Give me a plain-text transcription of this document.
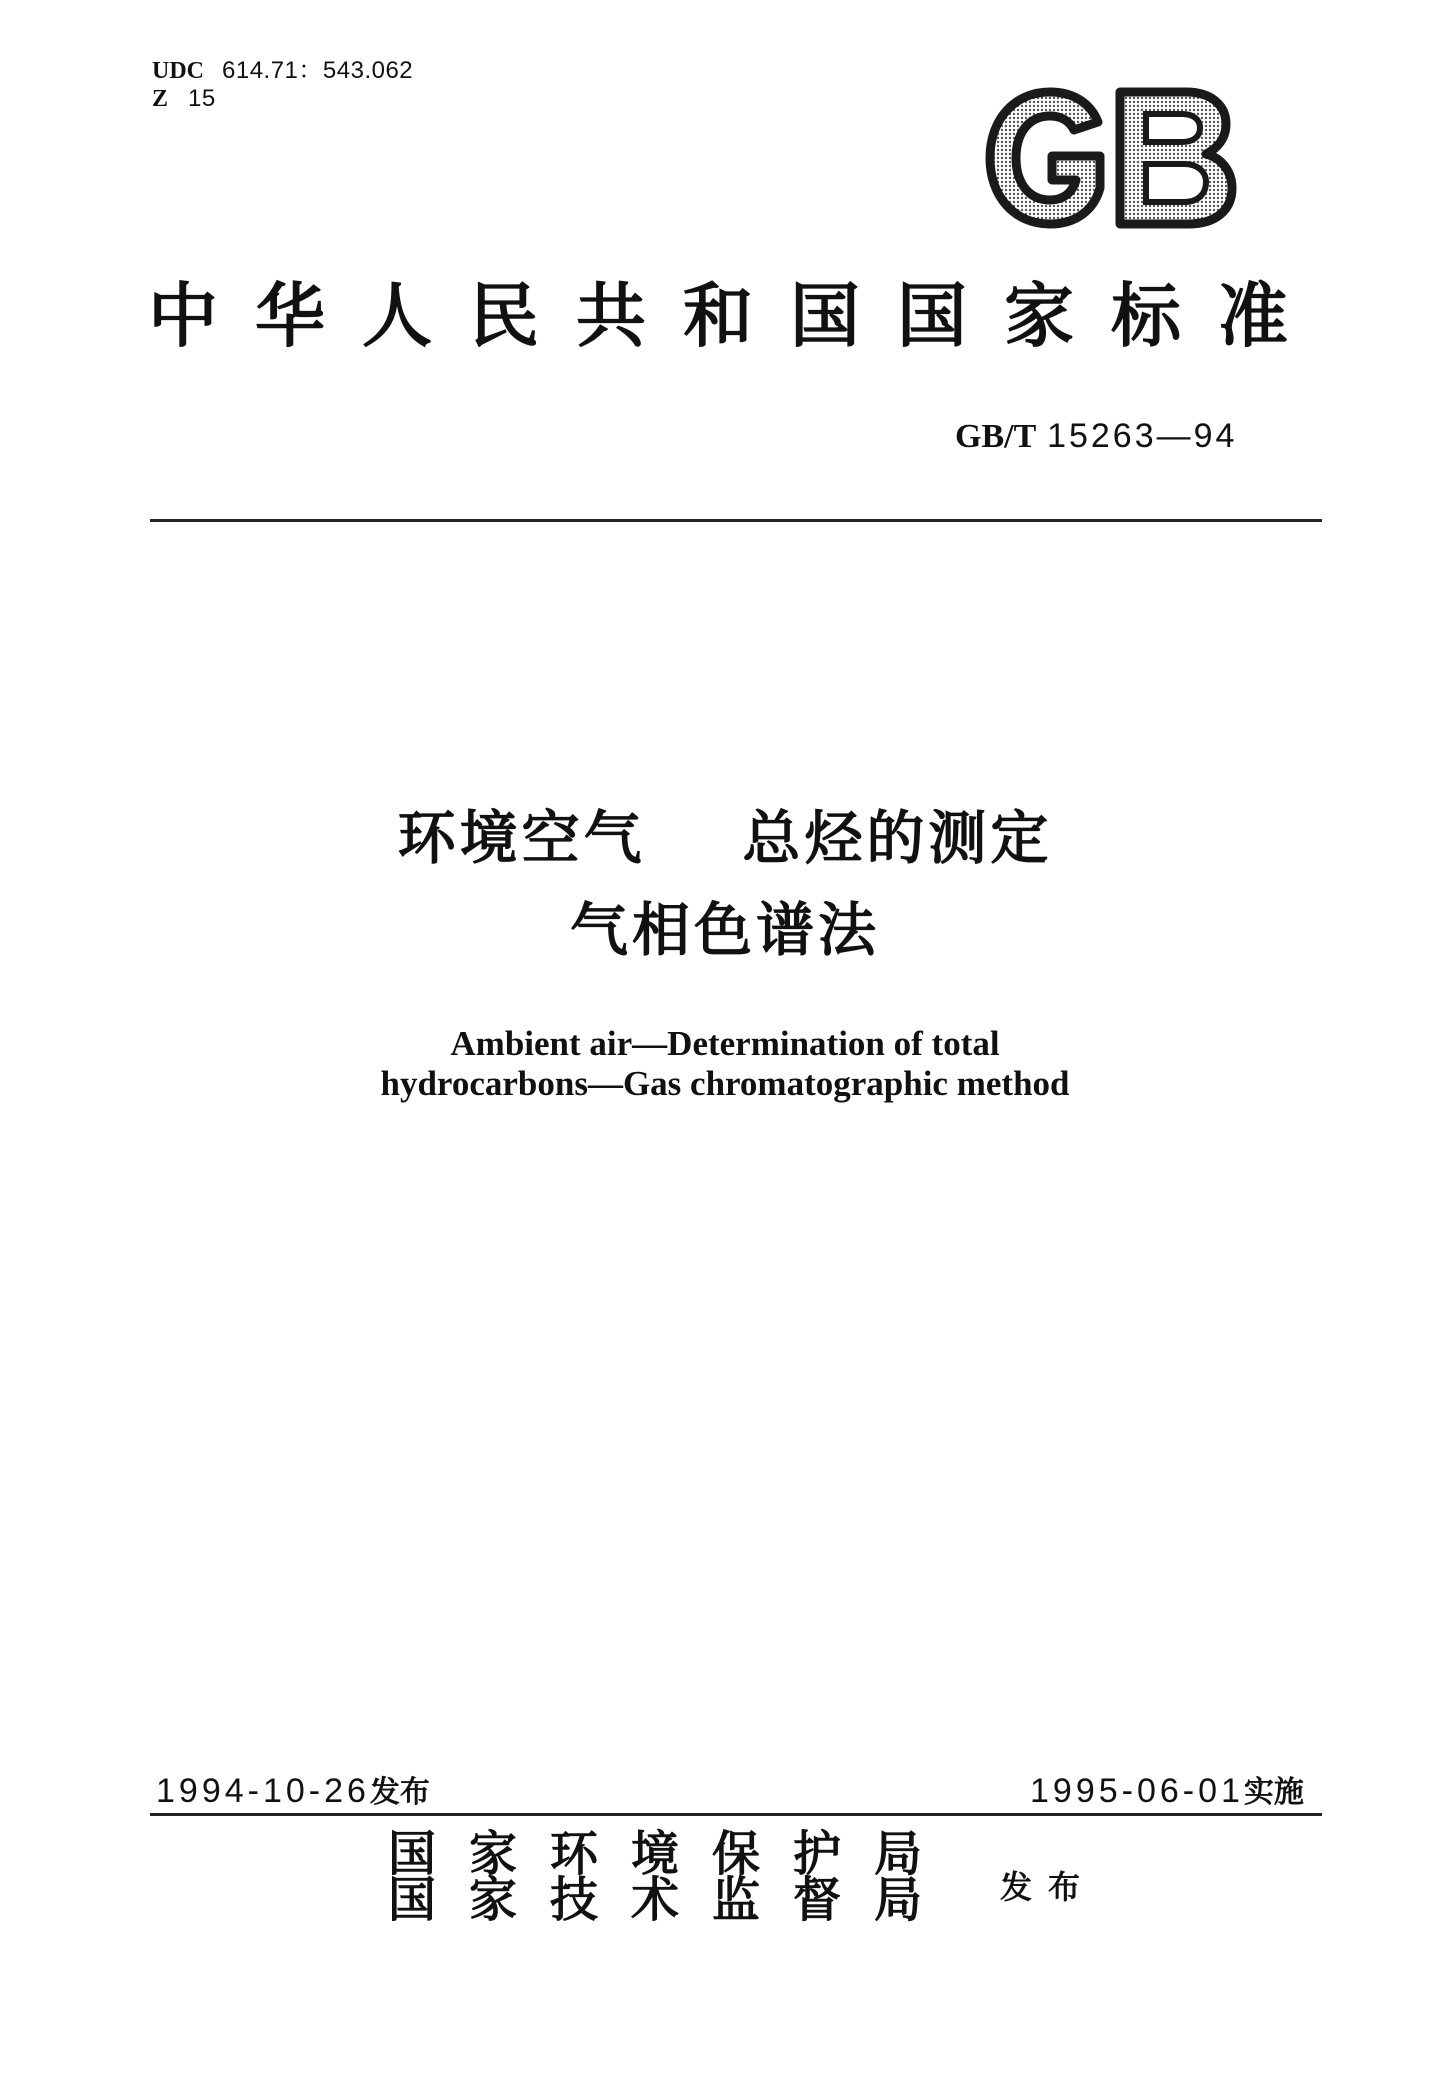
UDC 614.71：543.062
Z 15
中华人民共和国国家标准
GB/T 15263—94
环境空气    总烃的测定
气相色谱法
Ambient air—Determination of total
hydrocarbons—Gas chromatographic method
1994-10-26发布	1995-06-01实施
国家环境保护局
国家技术监督局 发布
